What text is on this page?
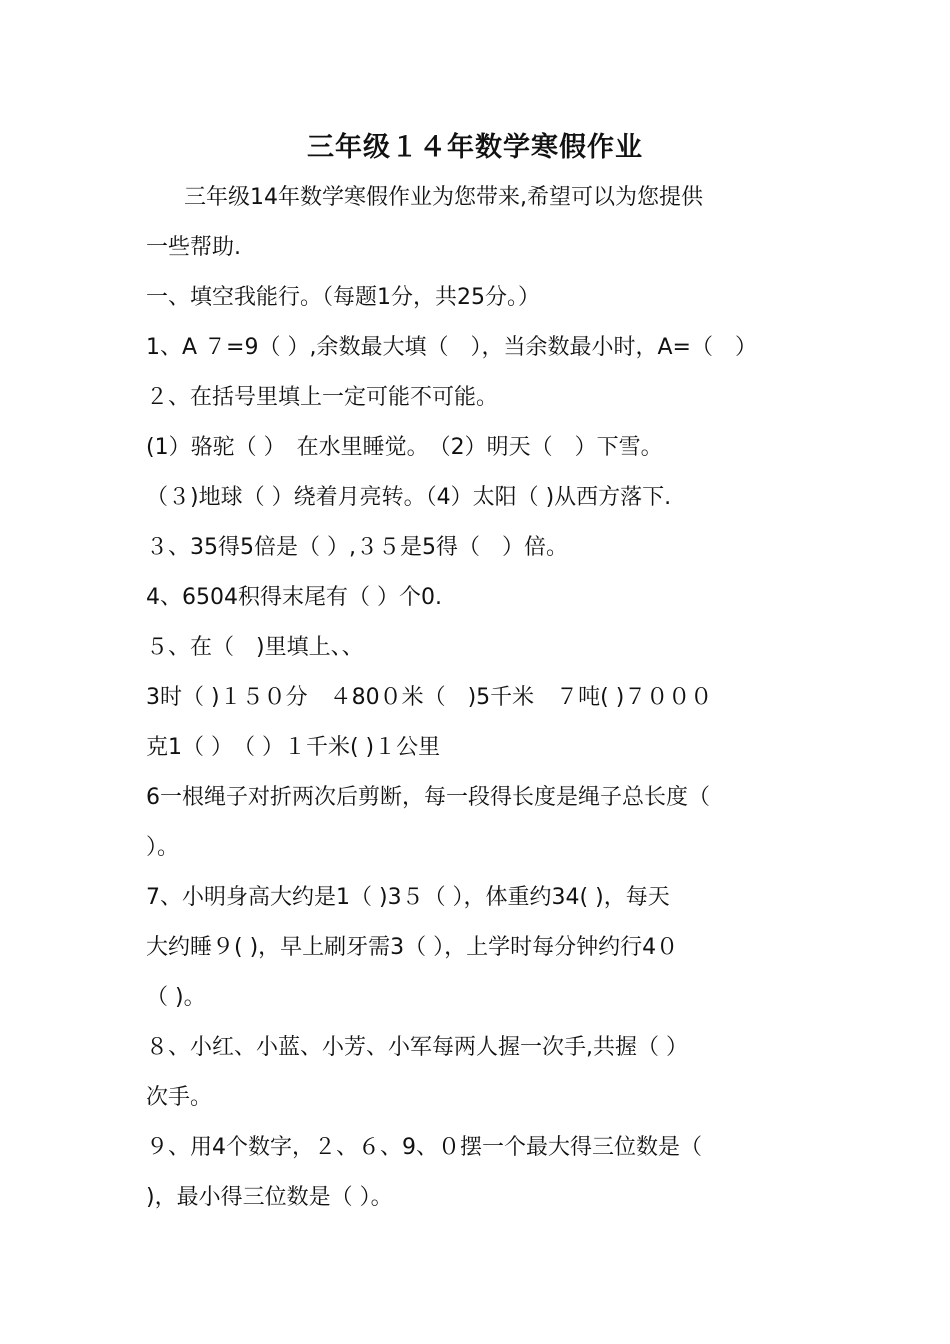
三年级１４年数学寒假作业
三年级14年数学寒假作业为您带来,希望可以为您提供
一些帮助.
一、填空我能行。（每题1分，共25分。）
1、A ７=9（ ）,余数最大填（　），当余数最小时，A=（　）
２、在括号里填上一定可能不可能。
(1）骆驼（ ）　在水里睡觉。　（2）明天（　）下雪。
（３)地球（ ）绕着月亮转。（4）太阳（ )从西方落下.
３、35得5倍是（ ）,３５是5得（　）倍。
4、6504积得末尾有（ ）个0.
５、在（　)里填上、、
3时（ )１５０分　４80０米（　)5千米　７吨( )７０００
克1（ ）　（ ）１千米( )１公里
6一根绳子对折两次后剪断，每一段得长度是绳子总长度（
）。
7、小明身高大约是1（ )3５（ ），体重约34( )，每天
大约睡９( )，早上刷牙需3（ ），上学时每分钟约行4０
（ )。
８、小红、小蓝、小芳、小军每两人握一次手,共握（ ）
次手。
９、用4个数字，２、６、9、０摆一个最大得三位数是（
)，最小得三位数是（ ）。
